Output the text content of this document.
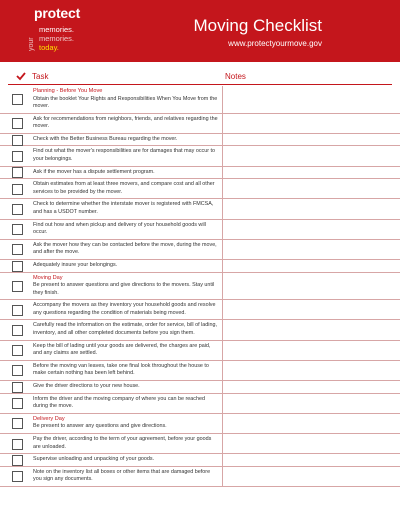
protect
your
memories.
memories.
today.
Moving Checklist
www.protectyourmove.gov
Task	Notes
Planning - Before You Move
Obtain the booklet Your Rights and Responsibilities When You Move from the mover.
Ask for recommendations from neighbors, friends, and relatives regarding the mover.
Check with the Better Business Bureau regarding the mover.
Find out what the mover's responsibilities are for damages that may occur to your belongings.
Ask if the mover has a dispute settlement program.
Obtain estimates from at least three movers, and compare cost and all other services to be provided by the mover.
Check to determine whether the interstate mover is registered with FMCSA, and has a USDOT number.
Find out how and when pickup and delivery of your household goods will occur.
Ask the mover how they can be contacted before the move, during the move, and after the move.
Adequately insure your belongings.
Moving Day
Be present to answer questions and give directions to the movers. Stay until they finish.
Accompany the movers as they inventory your household goods and resolve any questions regarding the condition of materials being moved.
Carefully read the information on the estimate, order for service, bill of lading, inventory, and all other completed documents before you sign them.
Keep the bill of lading until your goods are delivered, the charges are paid, and any claims are settled.
Before the moving van leaves, take one final look throughout the house to make certain nothing has been left behind.
Give the driver directions to your new house.
Inform the driver and the moving company of where you can be reached during the move.
Delivery Day
Be present to answer any questions and give directions.
Pay the driver, according to the term of your agreement, before your goods are unloaded.
Supervise unloading and unpacking of your goods.
Note on the inventory list all boxes or other items that are damaged before you sign any documents.
